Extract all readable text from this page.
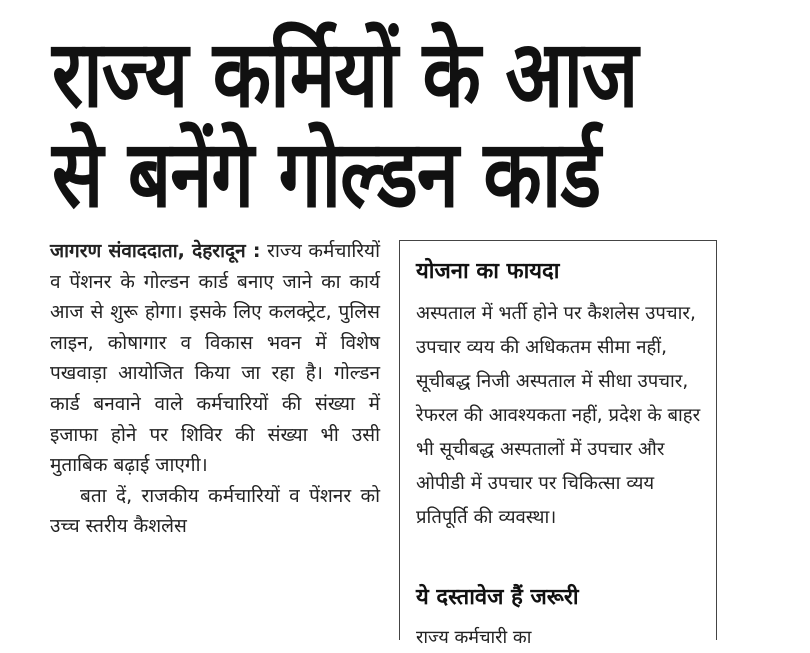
राज्य कर्मियों के आज
से बनेंगे गोल्डन कार्ड

जागरण संवाददाता, देहरादून : राज्य कर्मचारियों व पेंशनर के गोल्डन कार्ड बनाए जाने का कार्य आज से शुरू होगा। इसके लिए कलक्ट्रेट, पुलिस लाइन, कोषागार व विकास भवन में विशेष पखवाड़ा आयोजित किया जा रहा है। गोल्डन कार्ड बनवाने वाले कर्मचारियों की संख्या में इजाफा होने पर शिविर की संख्या भी उसी मुताबिक बढ़ाई जाएगी।

बता दें, राजकीय कर्मचारियों व पेंशनर को उच्च स्तरीय कैशलेस

योजना का फायदा

अस्पताल में भर्ती होने पर कैशलेस उपचार, उपचार व्यय की अधिकतम सीमा नहीं, सूचीबद्ध निजी अस्पताल में सीधा उपचार, रेफरल की आवश्यकता नहीं, प्रदेश के बाहर भी सूचीबद्ध अस्पतालों में उपचार और ओपीडी में उपचार पर चिकित्सा व्यय प्रतिपूर्ति की व्यवस्था।

ये दस्तावेज हैं जरूरी

राज्य कर्मचारी का
